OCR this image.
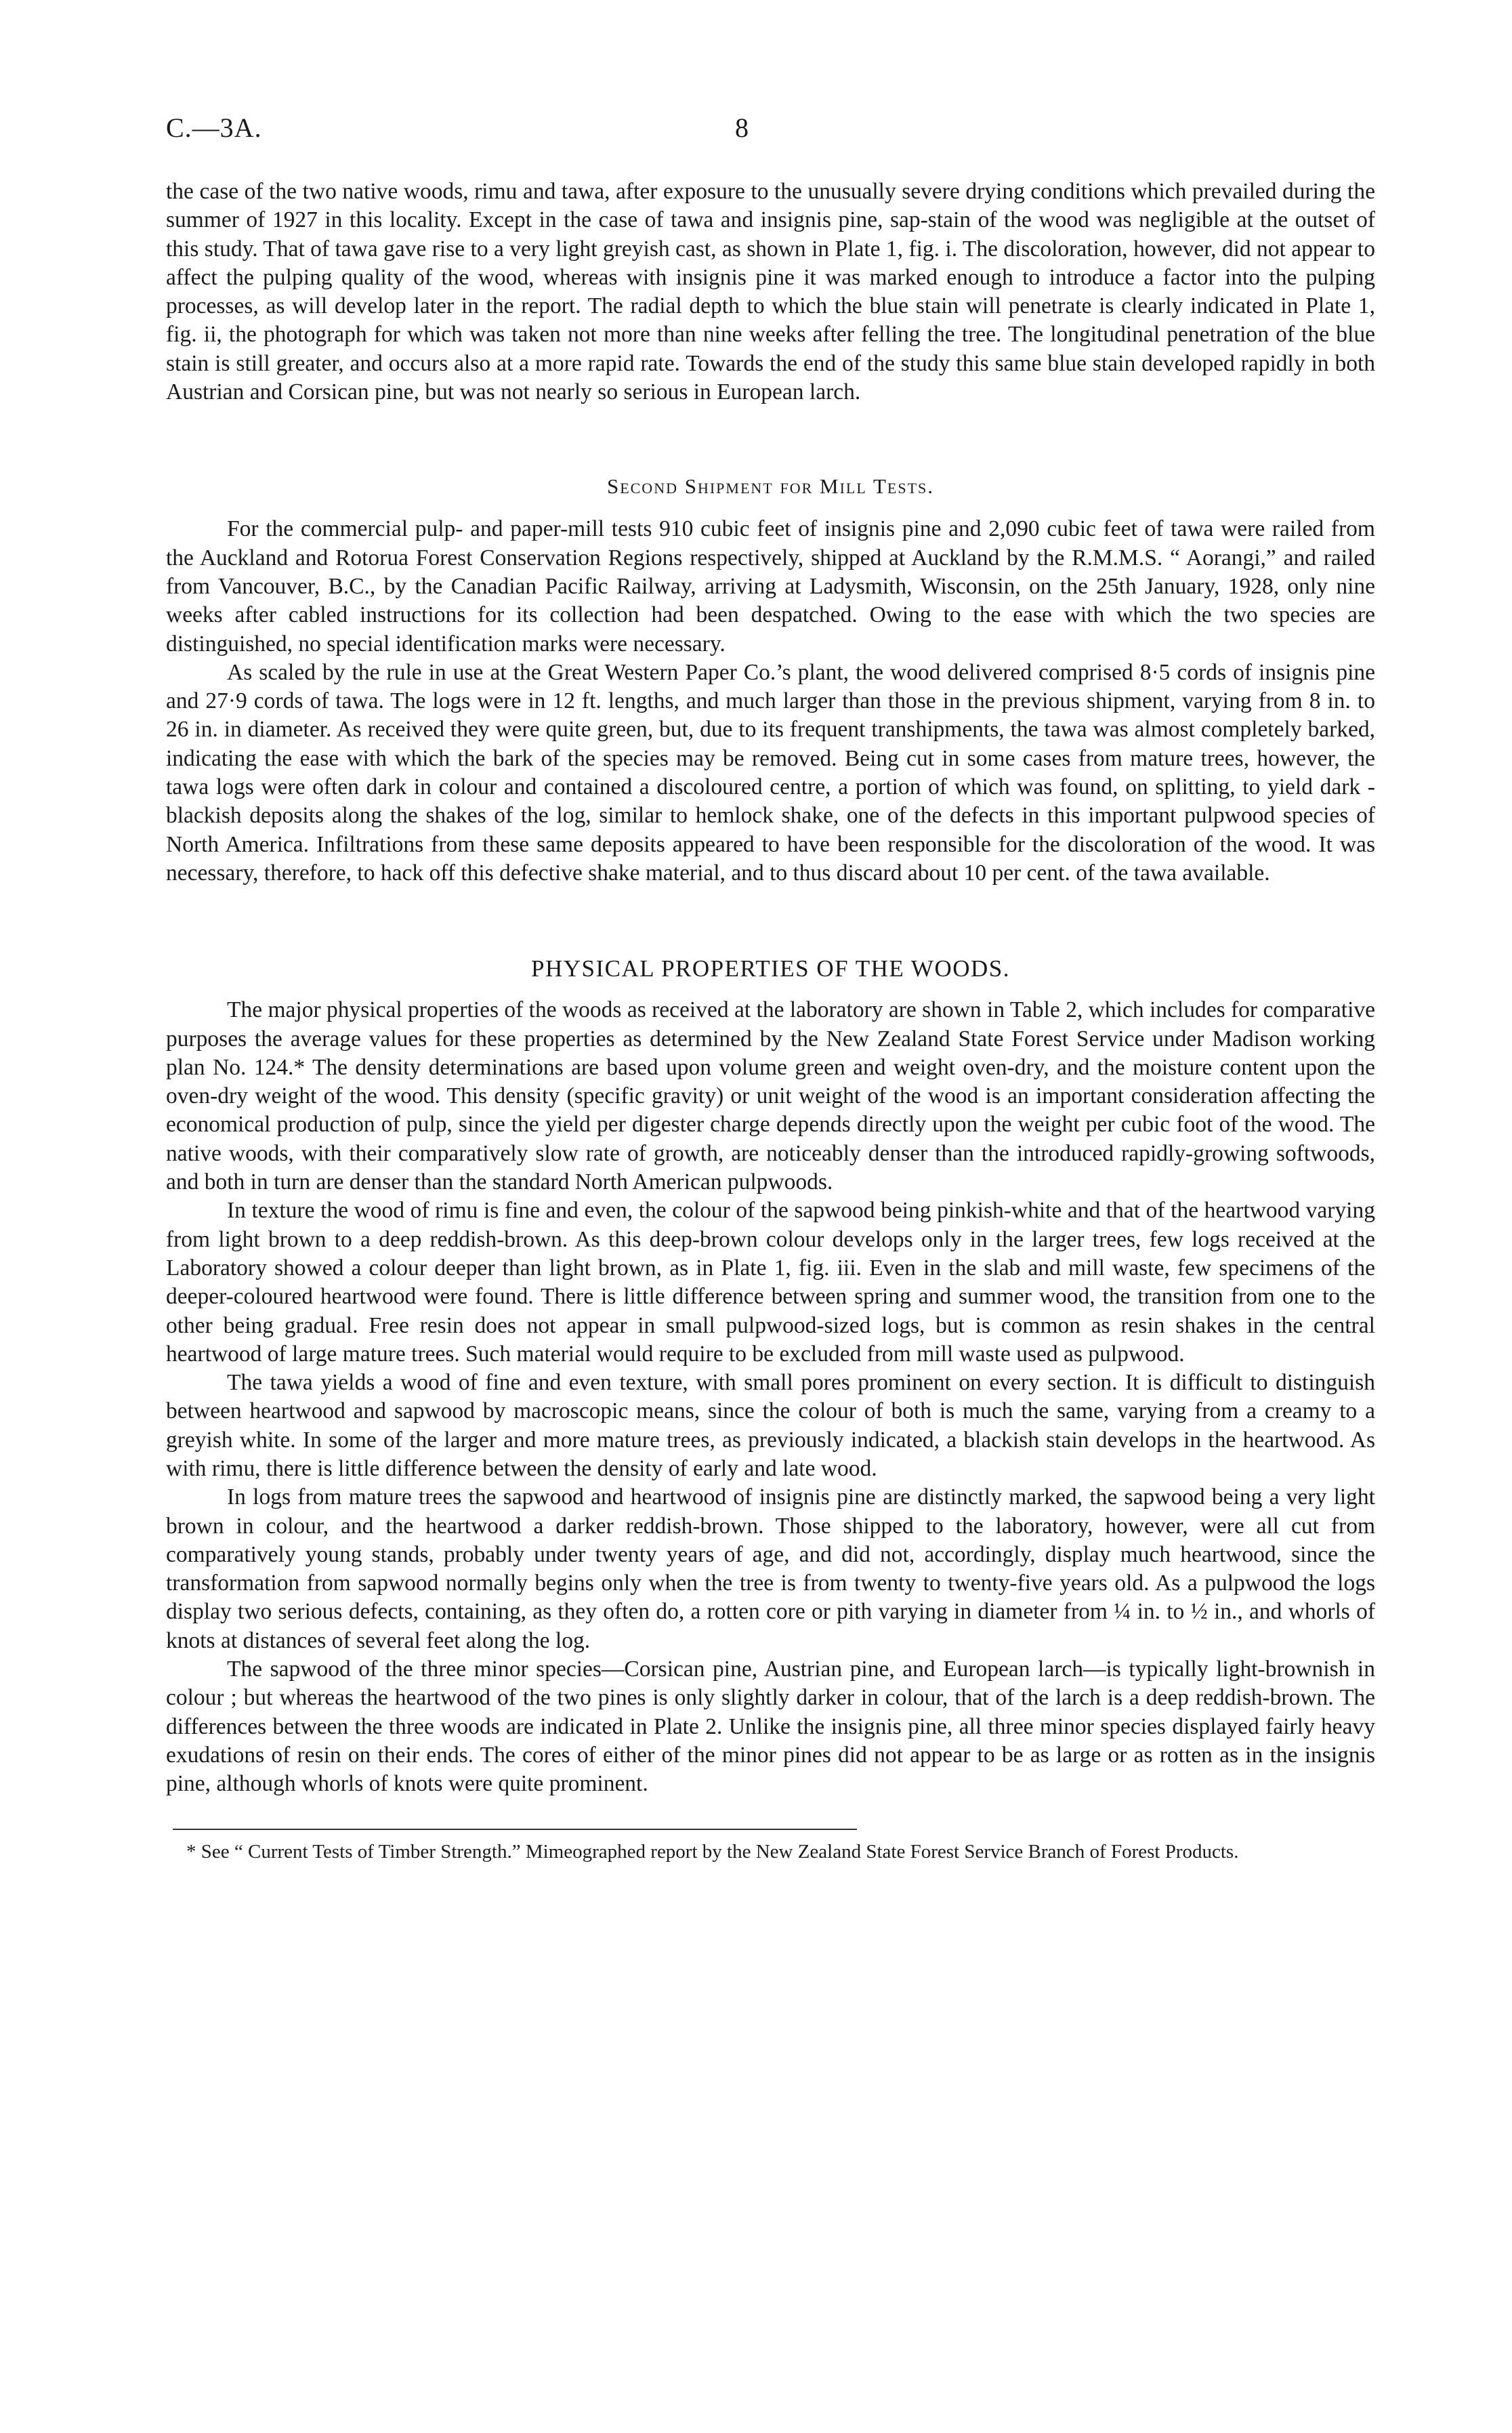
C.—3A.	8

the case of the two native woods, rimu and tawa, after exposure to the unusually severe drying conditions which prevailed during the summer of 1927 in this locality. Except in the case of tawa and insignis pine, sap-stain of the wood was negligible at the outset of this study. That of tawa gave rise to a very light greyish cast, as shown in Plate 1, fig. i. The discoloration, however, did not appear to affect the pulping quality of the wood, whereas with insignis pine it was marked enough to introduce a factor into the pulping processes, as will develop later in the report. The radial depth to which the blue stain will penetrate is clearly indicated in Plate 1, fig. ii, the photograph for which was taken not more than nine weeks after felling the tree. The longitudinal penetration of the blue stain is still greater, and occurs also at a more rapid rate. Towards the end of the study this same blue stain developed rapidly in both Austrian and Corsican pine, but was not nearly so serious in European larch.

Second Shipment for Mill Tests.

For the commercial pulp- and paper-mill tests 910 cubic feet of insignis pine and 2,090 cubic feet of tawa were railed from the Auckland and Rotorua Forest Conservation Regions respectively, shipped at Auckland by the R.M.M.S. “ Aorangi,” and railed from Vancouver, B.C., by the Canadian Pacific Railway, arriving at Ladysmith, Wisconsin, on the 25th January, 1928, only nine weeks after cabled instructions for its collection had been despatched. Owing to the ease with which the two species are distinguished, no special identification marks were necessary.

As scaled by the rule in use at the Great Western Paper Co.’s plant, the wood delivered comprised 8·5 cords of insignis pine and 27·9 cords of tawa. The logs were in 12 ft. lengths, and much larger than those in the previous shipment, varying from 8 in. to 26 in. in diameter. As received they were quite green, but, due to its frequent transhipments, the tawa was almost completely barked, indicating the ease with which the bark of the species may be removed. Being cut in some cases from mature trees, however, the tawa logs were often dark in colour and contained a discoloured centre, a portion of which was found, on splitting, to yield dark - blackish deposits along the shakes of the log, similar to hemlock shake, one of the defects in this important pulpwood species of North America. Infiltrations from these same deposits appeared to have been responsible for the discoloration of the wood. It was necessary, therefore, to hack off this defective shake material, and to thus discard about 10 per cent. of the tawa available.

PHYSICAL PROPERTIES OF THE WOODS.

The major physical properties of the woods as received at the laboratory are shown in Table 2, which includes for comparative purposes the average values for these properties as determined by the New Zealand State Forest Service under Madison working plan No. 124.* The density determinations are based upon volume green and weight oven-dry, and the moisture content upon the oven-dry weight of the wood. This density (specific gravity) or unit weight of the wood is an important consideration affecting the economical production of pulp, since the yield per digester charge depends directly upon the weight per cubic foot of the wood. The native woods, with their comparatively slow rate of growth, are noticeably denser than the introduced rapidly-growing softwoods, and both in turn are denser than the standard North American pulpwoods.

In texture the wood of rimu is fine and even, the colour of the sapwood being pinkish-white and that of the heartwood varying from light brown to a deep reddish-brown. As this deep-brown colour develops only in the larger trees, few logs received at the Laboratory showed a colour deeper than light brown, as in Plate 1, fig. iii. Even in the slab and mill waste, few specimens of the deeper-coloured heartwood were found. There is little difference between spring and summer wood, the transition from one to the other being gradual. Free resin does not appear in small pulpwood-sized logs, but is common as resin shakes in the central heartwood of large mature trees. Such material would require to be excluded from mill waste used as pulpwood.

The tawa yields a wood of fine and even texture, with small pores prominent on every section. It is difficult to distinguish between heartwood and sapwood by macroscopic means, since the colour of both is much the same, varying from a creamy to a greyish white. In some of the larger and more mature trees, as previously indicated, a blackish stain develops in the heartwood. As with rimu, there is little difference between the density of early and late wood.

In logs from mature trees the sapwood and heartwood of insignis pine are distinctly marked, the sapwood being a very light brown in colour, and the heartwood a darker reddish-brown. Those shipped to the laboratory, however, were all cut from comparatively young stands, probably under twenty years of age, and did not, accordingly, display much heartwood, since the transformation from sapwood normally begins only when the tree is from twenty to twenty-five years old. As a pulpwood the logs display two serious defects, containing, as they often do, a rotten core or pith varying in diameter from ¼ in. to ½ in., and whorls of knots at distances of several feet along the log.

The sapwood of the three minor species—Corsican pine, Austrian pine, and European larch—is typically light-brownish in colour ; but whereas the heartwood of the two pines is only slightly darker in colour, that of the larch is a deep reddish-brown. The differences between the three woods are indicated in Plate 2. Unlike the insignis pine, all three minor species displayed fairly heavy exudations of resin on their ends. The cores of either of the minor pines did not appear to be as large or as rotten as in the insignis pine, although whorls of knots were quite prominent.

* See “ Current Tests of Timber Strength.” Mimeographed report by the New Zealand State Forest Service Branch of Forest Products.
